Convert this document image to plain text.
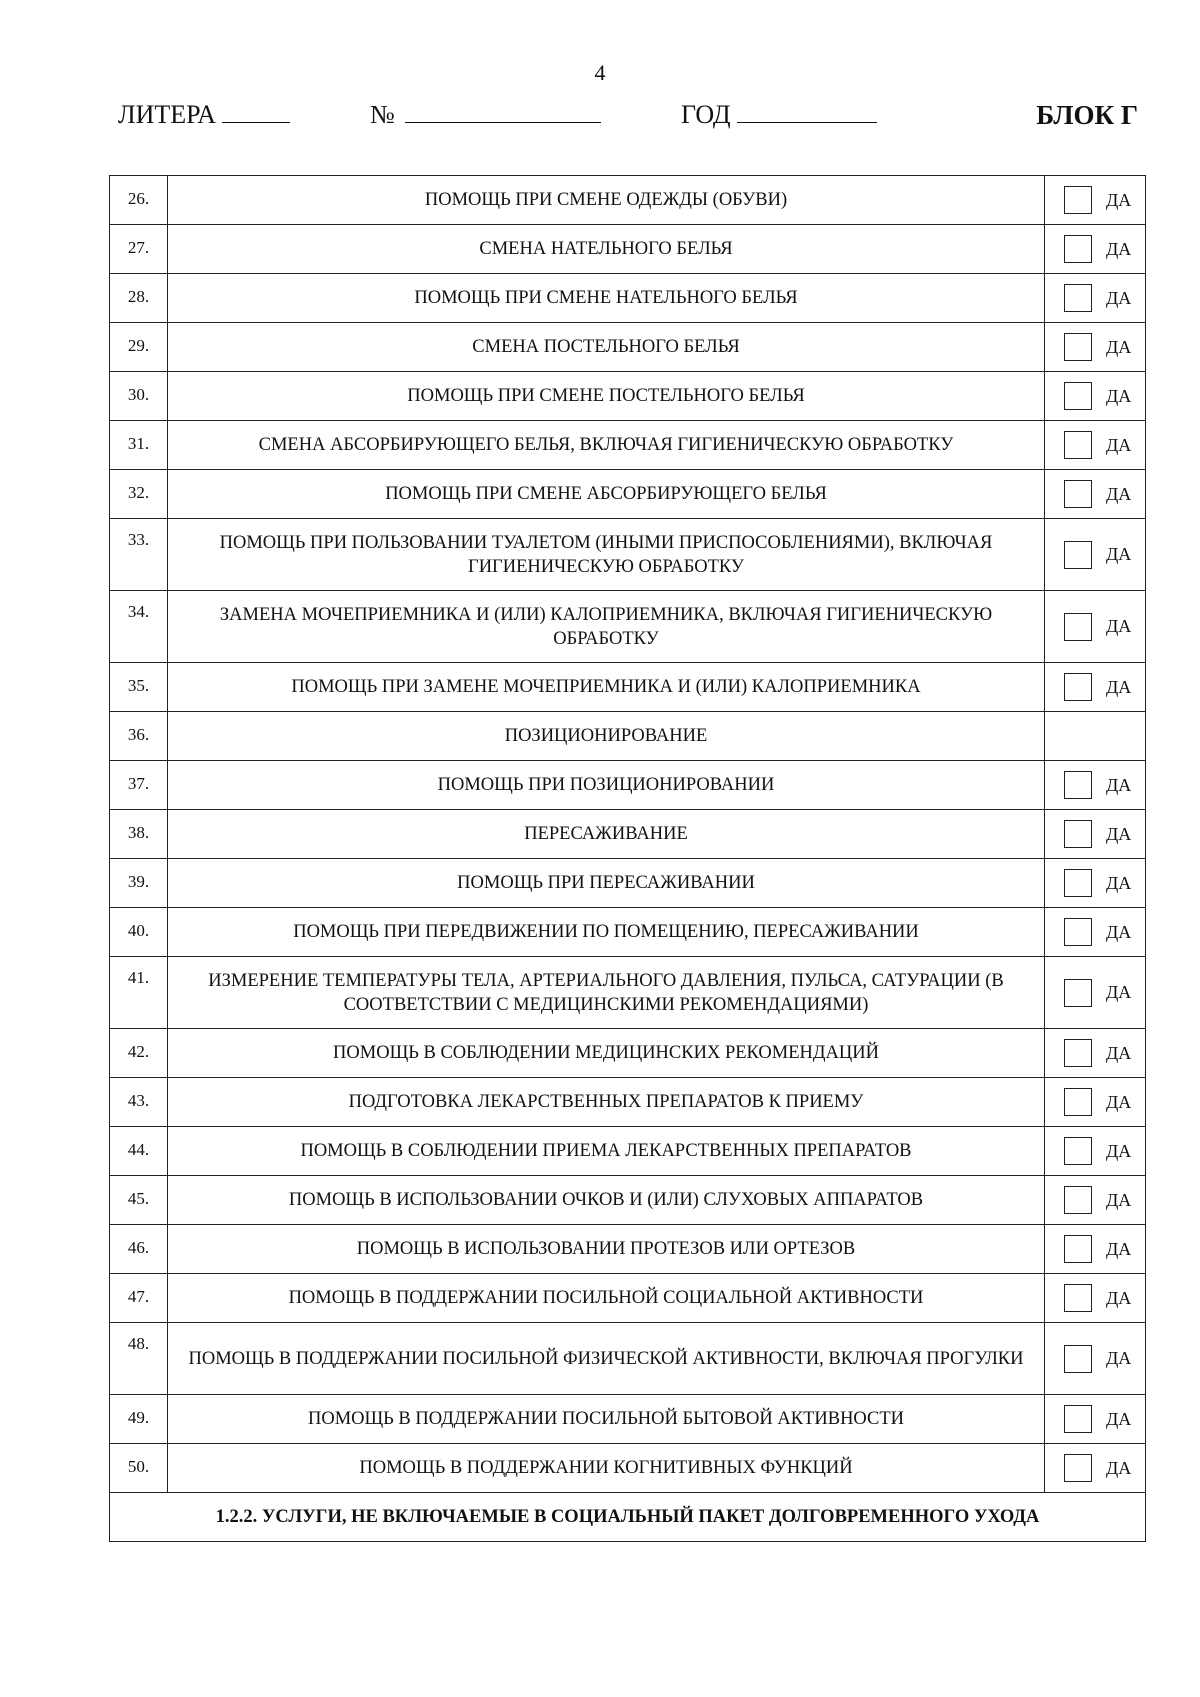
4
ЛИТЕРА	№	ГОД	БЛОК Г
26.	ПОМОЩЬ ПРИ СМЕНЕ ОДЕЖДЫ (ОБУВИ)	ДА

27.	СМЕНА НАТЕЛЬНОГО БЕЛЬЯ	ДА

28.	ПОМОЩЬ ПРИ СМЕНЕ НАТЕЛЬНОГО БЕЛЬЯ	ДА

29.	СМЕНА ПОСТЕЛЬНОГО БЕЛЬЯ	ДА

30.	ПОМОЩЬ ПРИ СМЕНЕ ПОСТЕЛЬНОГО БЕЛЬЯ	ДА

31.	СМЕНА АБСОРБИРУЮЩЕГО БЕЛЬЯ, ВКЛЮЧАЯ ГИГИЕНИЧЕСКУЮ ОБРАБОТКУ	ДА

32.	ПОМОЩЬ ПРИ СМЕНЕ АБСОРБИРУЮЩЕГО БЕЛЬЯ	ДА

33.	ПОМОЩЬ ПРИ ПОЛЬЗОВАНИИ ТУАЛЕТОМ (ИНЫМИ ПРИСПОСОБЛЕНИЯМИ), ВКЛЮЧАЯ ГИГИЕНИЧЕСКУЮ ОБРАБОТКУ	ДА

34.	ЗАМЕНА МОЧЕПРИЕМНИКА И (ИЛИ) КАЛОПРИЕМНИКА, ВКЛЮЧАЯ ГИГИЕНИЧЕСКУЮ ОБРАБОТКУ	ДА

35.	ПОМОЩЬ ПРИ ЗАМЕНЕ МОЧЕПРИЕМНИКА И (ИЛИ) КАЛОПРИЕМНИКА	ДА

36.	ПОЗИЦИОНИРОВАНИЕ	
37.	ПОМОЩЬ ПРИ ПОЗИЦИОНИРОВАНИИ	ДА

38.	ПЕРЕСАЖИВАНИЕ	ДА

39.	ПОМОЩЬ ПРИ ПЕРЕСАЖИВАНИИ	ДА

40.	ПОМОЩЬ ПРИ ПЕРЕДВИЖЕНИИ ПО ПОМЕЩЕНИЮ, ПЕРЕСАЖИВАНИИ	ДА

41.	ИЗМЕРЕНИЕ ТЕМПЕРАТУРЫ ТЕЛА, АРТЕРИАЛЬНОГО ДАВЛЕНИЯ, ПУЛЬСА, САТУРАЦИИ (В СООТВЕТСТВИИ С МЕДИЦИНСКИМИ РЕКОМЕНДАЦИЯМИ)	ДА

42.	ПОМОЩЬ В СОБЛЮДЕНИИ МЕДИЦИНСКИХ РЕКОМЕНДАЦИЙ	ДА

43.	ПОДГОТОВКА ЛЕКАРСТВЕННЫХ ПРЕПАРАТОВ К ПРИЕМУ	ДА

44.	ПОМОЩЬ В СОБЛЮДЕНИИ ПРИЕМА ЛЕКАРСТВЕННЫХ ПРЕПАРАТОВ	ДА

45.	ПОМОЩЬ В ИСПОЛЬЗОВАНИИ ОЧКОВ И (ИЛИ) СЛУХОВЫХ АППАРАТОВ	ДА

46.	ПОМОЩЬ В ИСПОЛЬЗОВАНИИ ПРОТЕЗОВ ИЛИ ОРТЕЗОВ	ДА

47.	ПОМОЩЬ В ПОДДЕРЖАНИИ ПОСИЛЬНОЙ СОЦИАЛЬНОЙ АКТИВНОСТИ	ДА

48.	ПОМОЩЬ В ПОДДЕРЖАНИИ ПОСИЛЬНОЙ ФИЗИЧЕСКОЙ АКТИВНОСТИ, ВКЛЮЧАЯ ПРОГУЛКИ	ДА

49.	ПОМОЩЬ В ПОДДЕРЖАНИИ ПОСИЛЬНОЙ БЫТОВОЙ АКТИВНОСТИ	ДА

50.	ПОМОЩЬ В ПОДДЕРЖАНИИ КОГНИТИВНЫХ ФУНКЦИЙ	ДА

1.2.2. УСЛУГИ, НЕ ВКЛЮЧАЕМЫЕ В СОЦИАЛЬНЫЙ ПАКЕТ ДОЛГОВРЕМЕННОГО УХОДА		
